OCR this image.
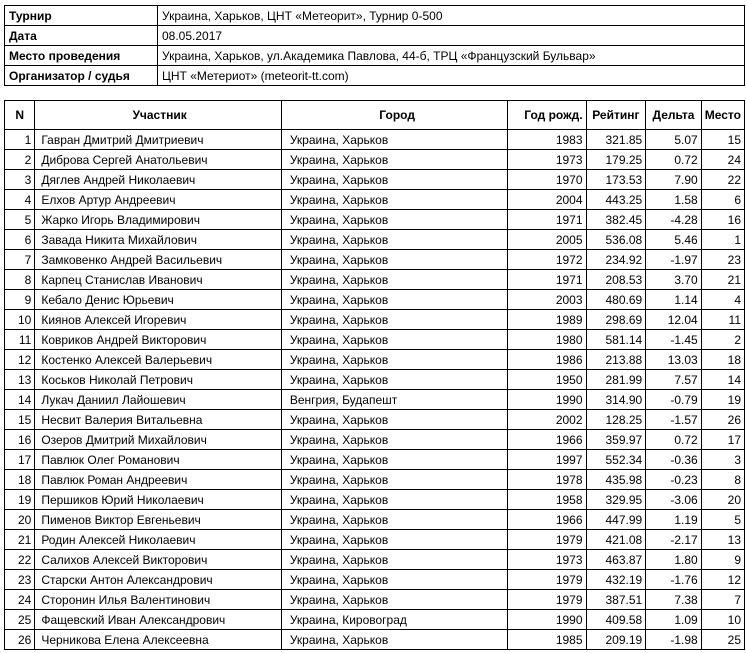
Турнир	Украина, Харьков, ЦНТ «Метеорит», Турнир 0-500
Дата	08.05.2017
Место проведения	Украина, Харьков, ул.Академика Павлова, 44-б, ТРЦ «Французский Бульвар»
Организатор / судья	ЦНТ «Метериот» (meteorit-tt.com)
N	Участник	Город	Год рожд.	Рейтинг	Дельта	Место
1	Гавран Дмитрий Дмитриевич	Украина, Харьков	1983	321.85	5.07	15
2	Диброва Сергей Анатольевич	Украина, Харьков	1973	179.25	0.72	24
3	Дяглев Андрей Николаевич	Украина, Харьков	1970	173.53	7.90	22
4	Елхов Артур Андреевич	Украина, Харьков	2004	443.25	1.58	6
5	Жарко Игорь Владимирович	Украина, Харьков	1971	382.45	-4.28	16
6	Завада Никита Михайлович	Украина, Харьков	2005	536.08	5.46	1
7	Замковенко Андрей Васильевич	Украина, Харьков	1972	234.92	-1.97	23
8	Карпец Станислав Иванович	Украина, Харьков	1971	208.53	3.70	21
9	Кебало Денис Юрьевич	Украина, Харьков	2003	480.69	1.14	4
10	Киянов Алексей Игоревич	Украина, Харьков	1989	298.69	12.04	11
11	Ковриков Андрей Викторович	Украина, Харьков	1980	581.14	-1.45	2
12	Костенко Алексей Валерьевич	Украина, Харьков	1986	213.88	13.03	18
13	Коськов Николай Петрович	Украина, Харьков	1950	281.99	7.57	14
14	Лукач Даниил Лайошевич	Венгрия, Будапешт	1990	314.90	-0.79	19
15	Несвит Валерия Витальевна	Украина, Харьков	2002	128.25	-1.57	26
16	Озеров Дмитрий Михайлович	Украина, Харьков	1966	359.97	0.72	17
17	Павлюк Олег Романович	Украина, Харьков	1997	552.34	-0.36	3
18	Павлюк Роман Андреевич	Украина, Харьков	1978	435.98	-0.23	8
19	Першиков Юрий Николаевич	Украина, Харьков	1958	329.95	-3.06	20
20	Пименов Виктор Евгеньевич	Украина, Харьков	1966	447.99	1.19	5
21	Родин Алексей Николаевич	Украина, Харьков	1979	421.08	-2.17	13
22	Салихов Алексей Викторович	Украина, Харьков	1973	463.87	1.80	9
23	Старски Антон Александрович	Украина, Харьков	1979	432.19	-1.76	12
24	Сторонин Илья Валентинович	Украина, Харьков	1979	387.51	7.38	7
25	Фащевский Иван Александрович	Украина, Кировоград	1990	409.58	1.09	10
26	Черникова Елена Алексеевна	Украина, Харьков	1985	209.19	-1.98	25
